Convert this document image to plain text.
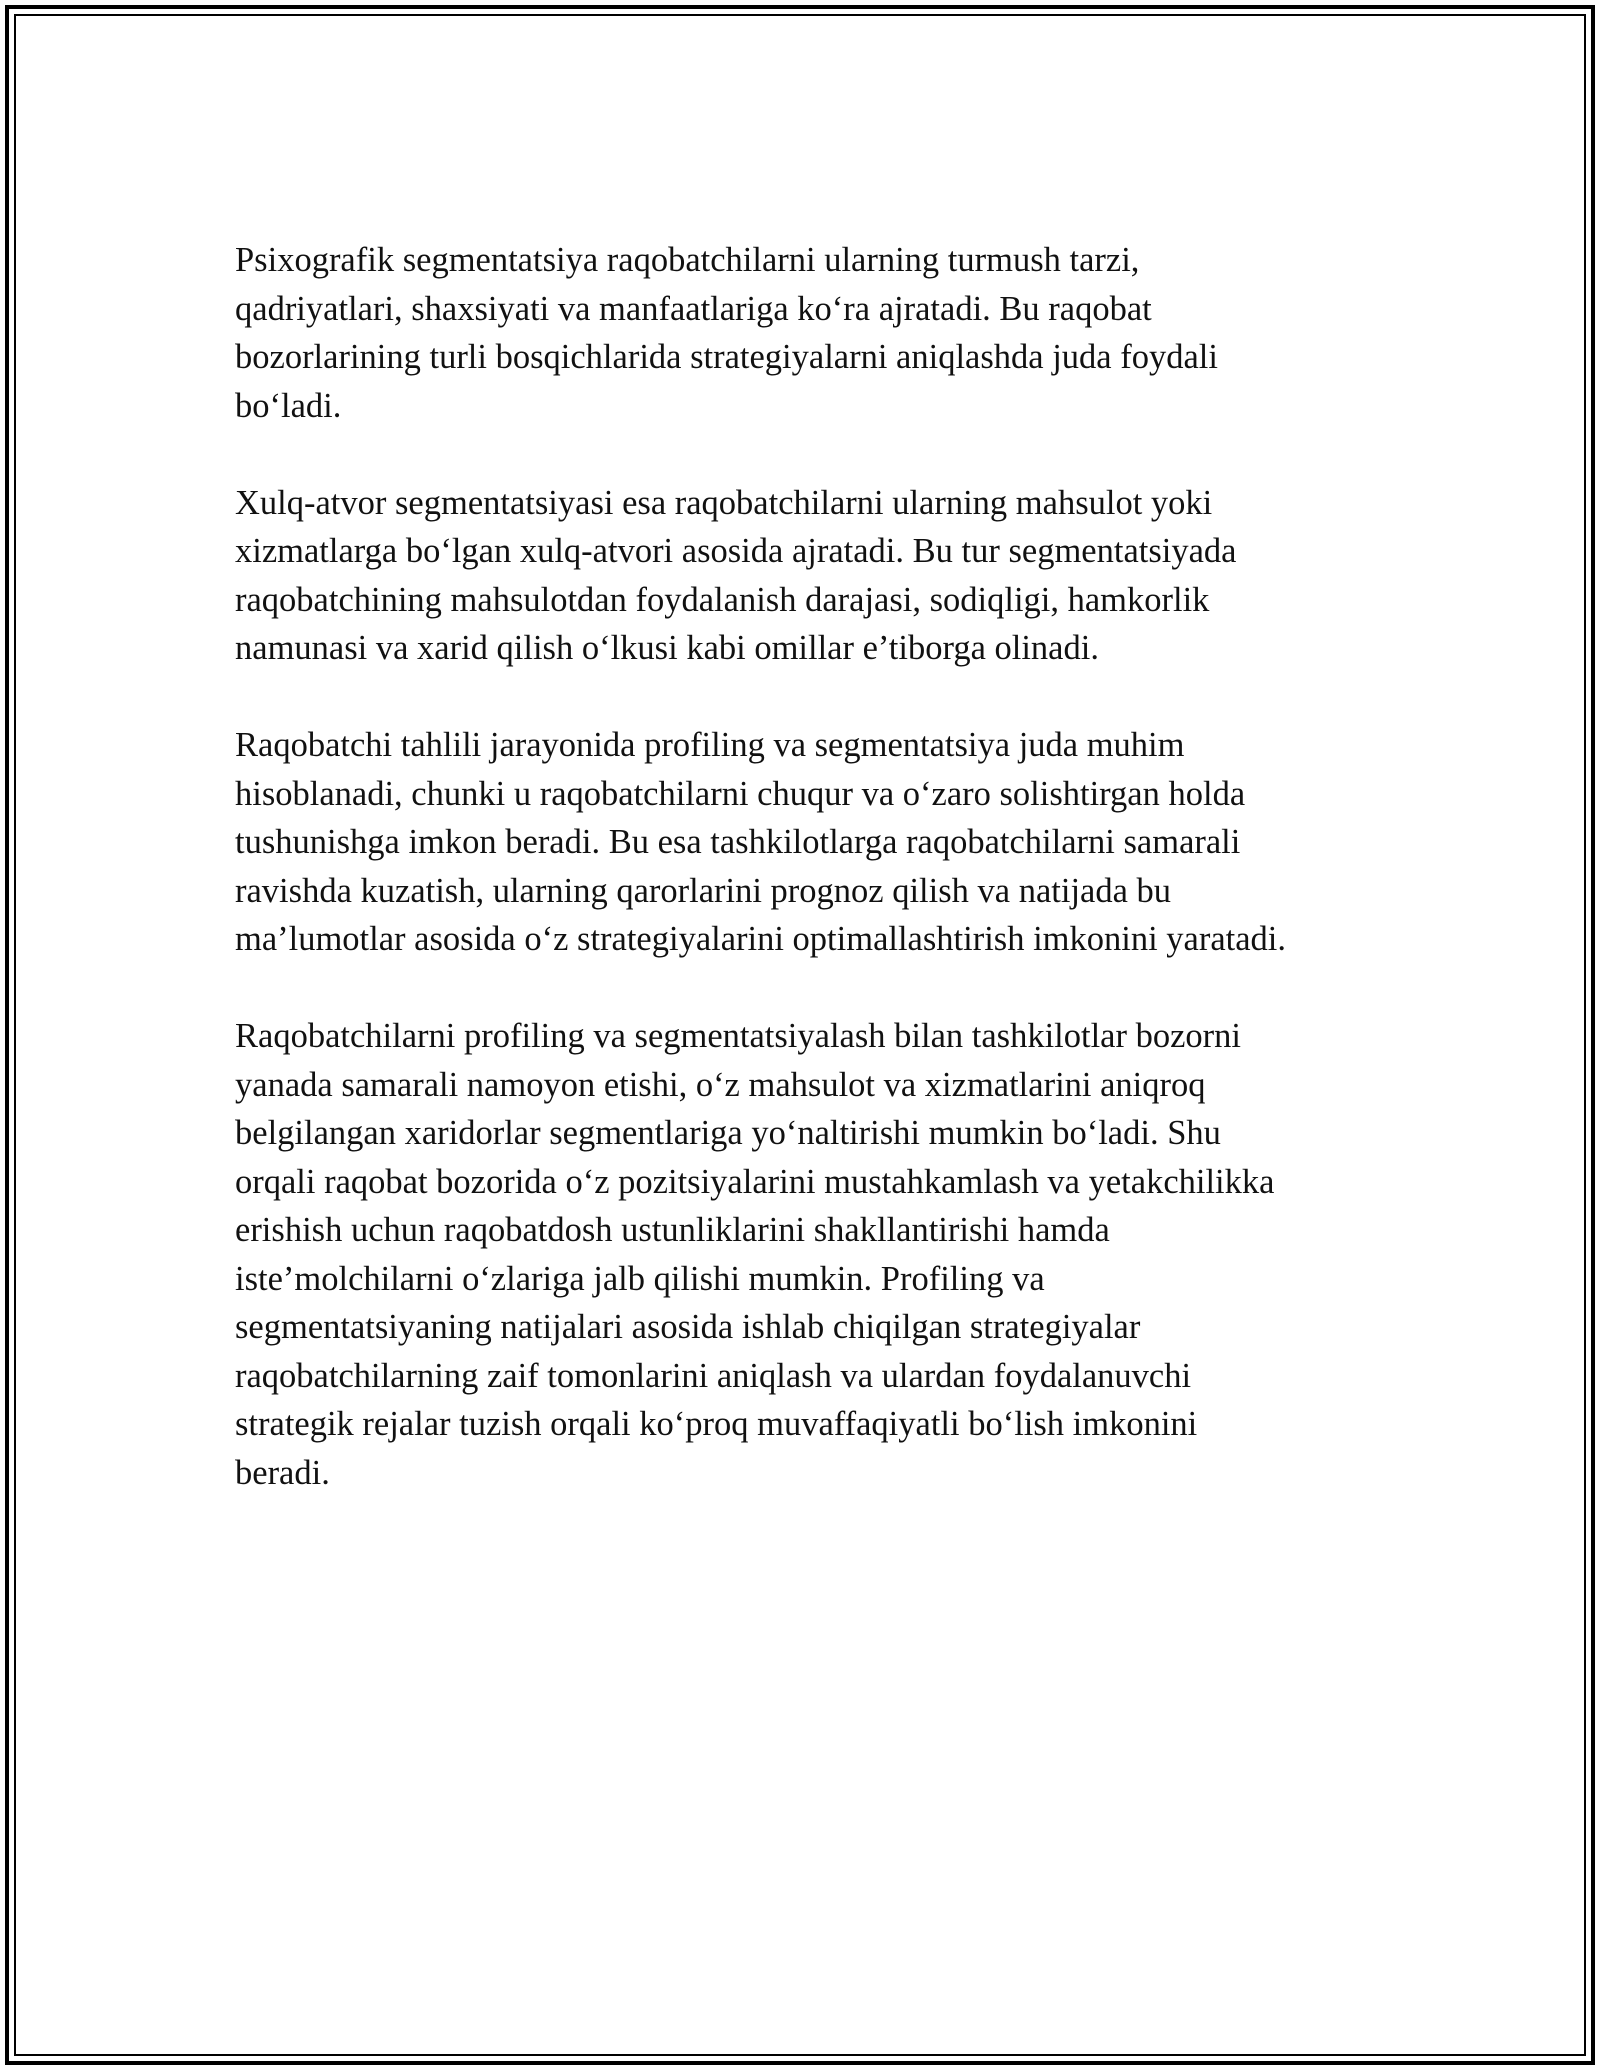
Psixografik segmentatsiya raqobatchilarni ularning turmush tarzi,
qadriyatlari, shaxsiyati va manfaatlariga koʻra ajratadi. Bu raqobat
bozorlarining turli bosqichlarida strategiyalarni aniqlashda juda foydali
boʻladi.

Xulq-atvor segmentatsiyasi esa raqobatchilarni ularning mahsulot yoki
xizmatlarga boʻlgan xulq-atvori asosida ajratadi. Bu tur segmentatsiyada
raqobatchining mahsulotdan foydalanish darajasi, sodiqligi, hamkorlik
namunasi va xarid qilish oʻlkusi kabi omillar e’tiborga olinadi.

Raqobatchi tahlili jarayonida profiling va segmentatsiya juda muhim
hisoblanadi, chunki u raqobatchilarni chuqur va oʻzaro solishtirgan holda
tushunishga imkon beradi. Bu esa tashkilotlarga raqobatchilarni samarali
ravishda kuzatish, ularning qarorlarini prognoz qilish va natijada bu
ma’lumotlar asosida oʻz strategiyalarini optimallashtirish imkonini yaratadi.

Raqobatchilarni profiling va segmentatsiyalash bilan tashkilotlar bozorni
yanada samarali namoyon etishi, oʻz mahsulot va xizmatlarini aniqroq
belgilangan xaridorlar segmentlariga yoʻnaltirishi mumkin boʻladi. Shu
orqali raqobat bozorida oʻz pozitsiyalarini mustahkamlash va yetakchilikka
erishish uchun raqobatdosh ustunliklarini shakllantirishi hamda
iste’molchilarni oʻzlariga jalb qilishi mumkin. Profiling va
segmentatsiyaning natijalari asosida ishlab chiqilgan strategiyalar
raqobatchilarning zaif tomonlarini aniqlash va ulardan foydalanuvchi
strategik rejalar tuzish orqali koʻproq muvaffaqiyatli boʻlish imkonini
beradi.
